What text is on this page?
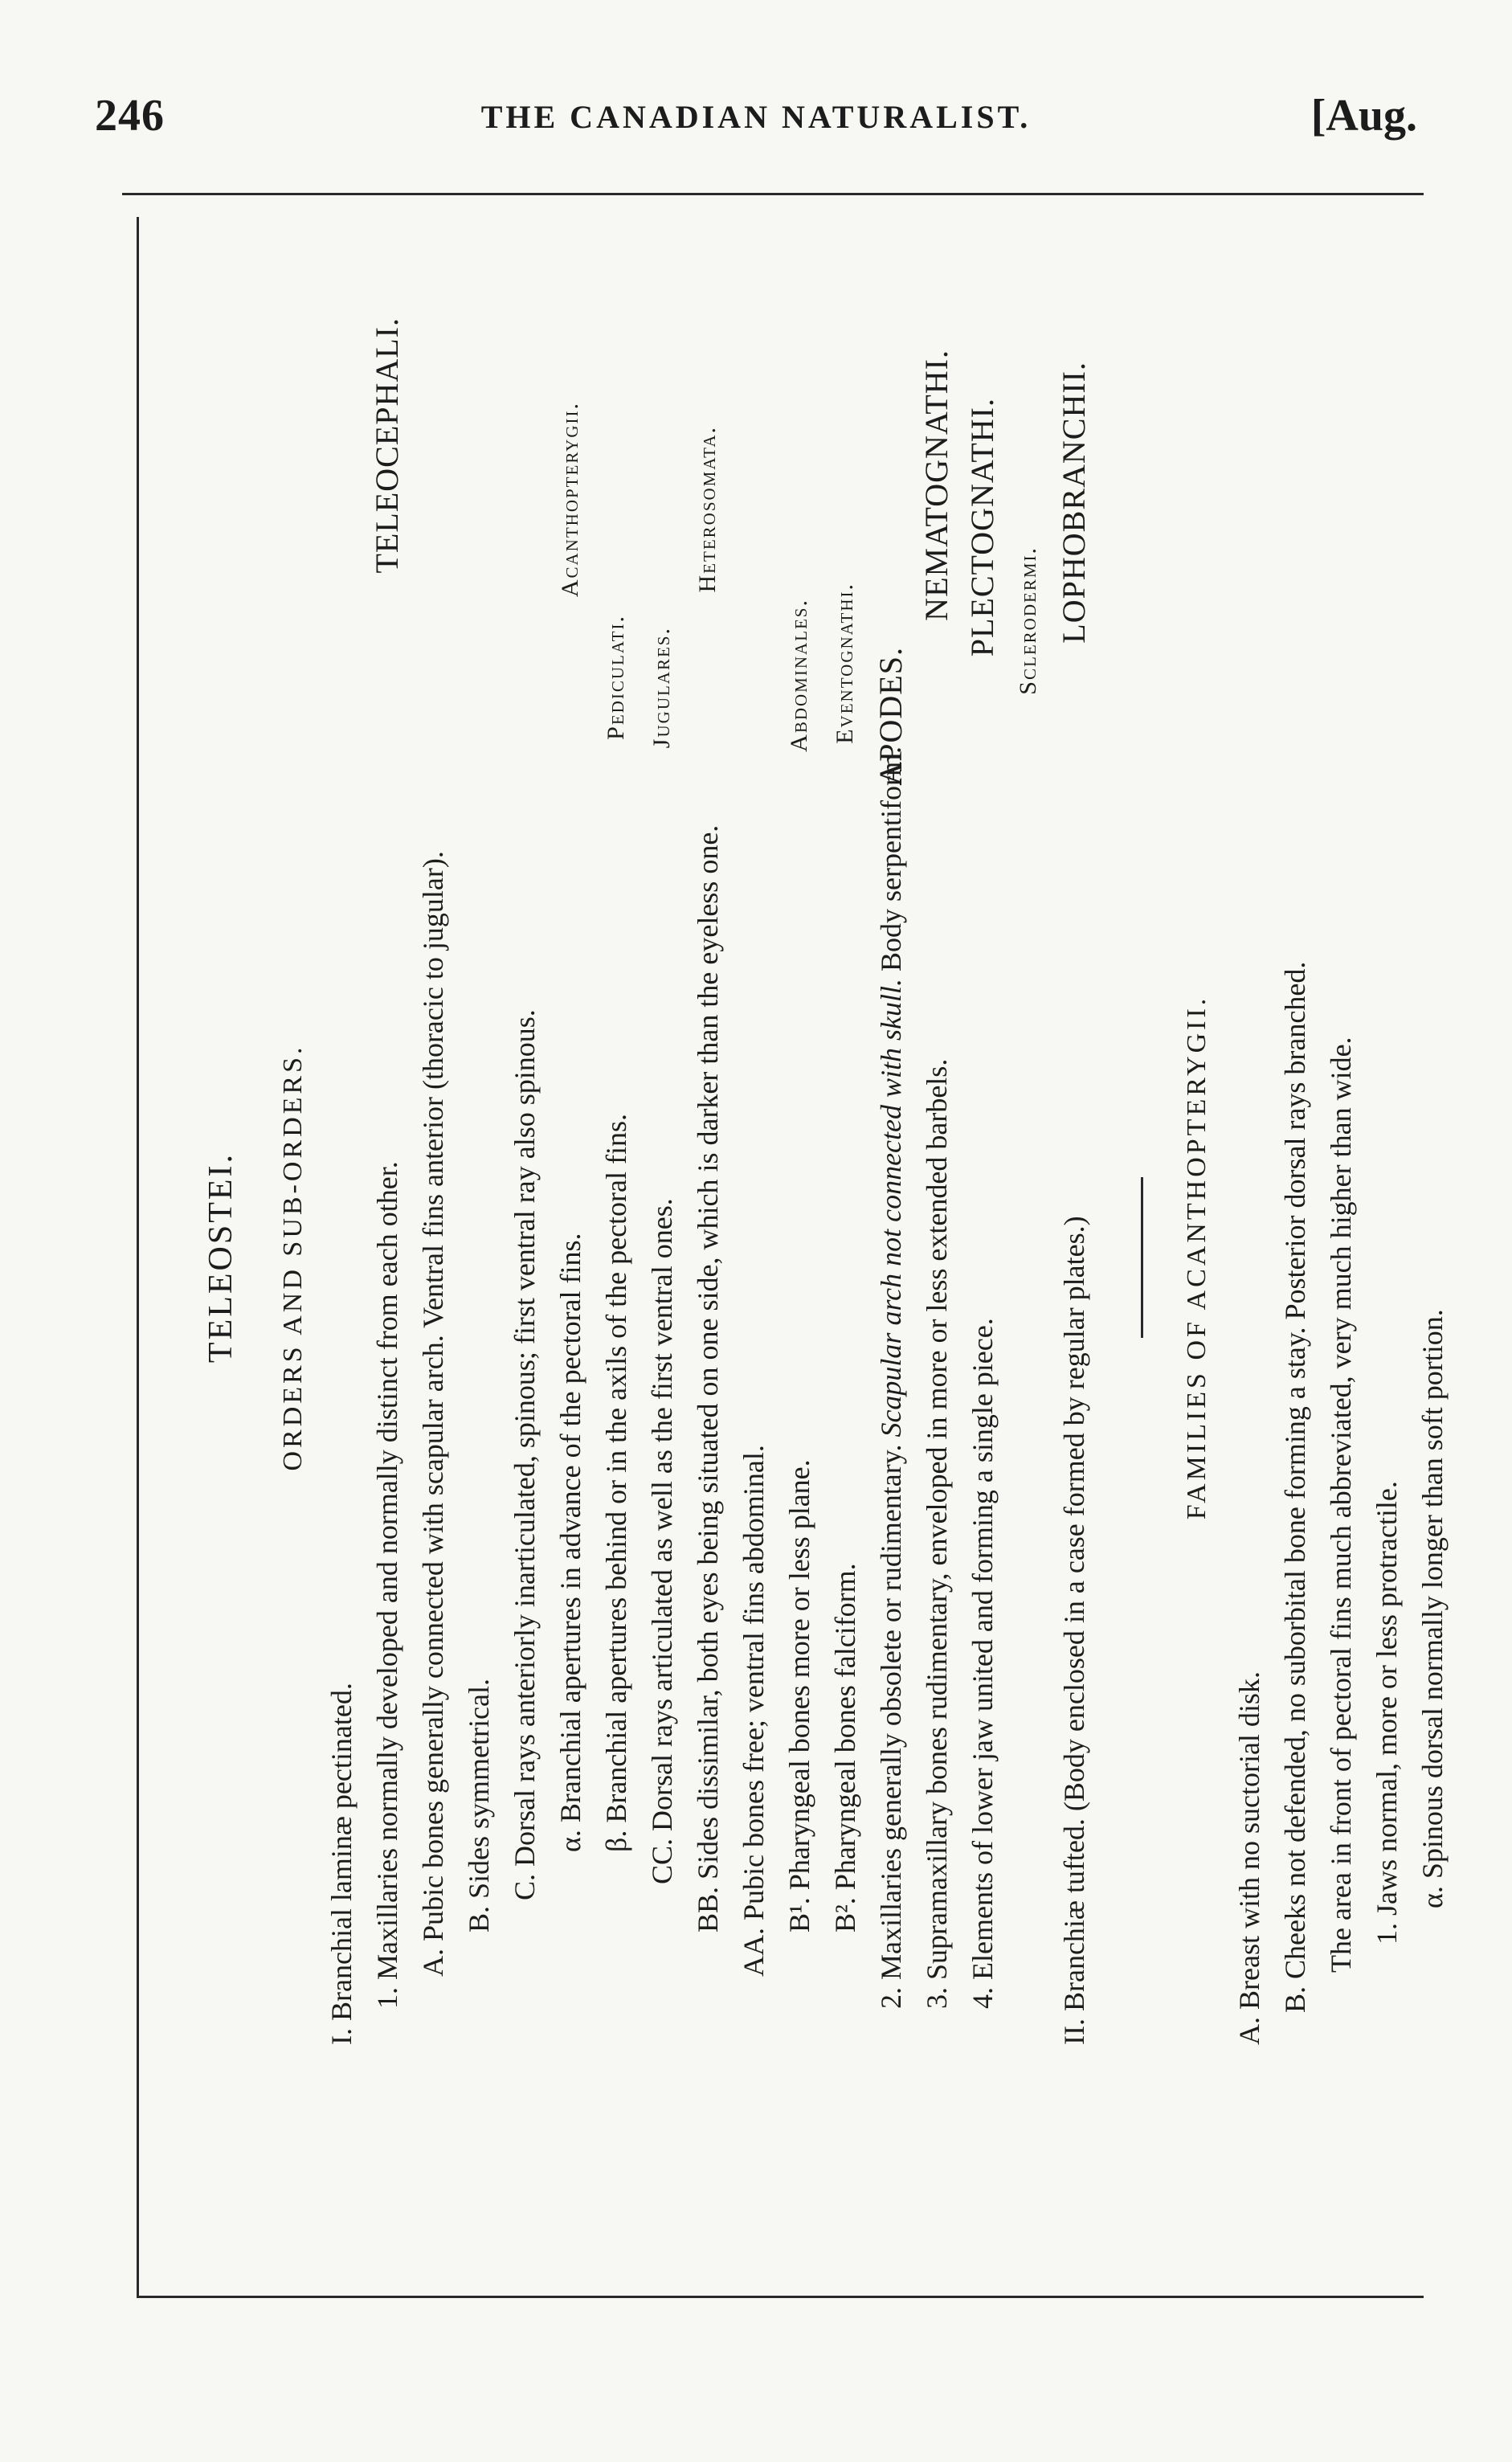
246	THE CANADIAN NATURALIST.	[Aug.
TELEOSTEI.	ORDERS AND SUB-ORDERS.
I. Branchial laminæ pectinated. 1. Maxillaries normally developed and normally distinct from each other.
TELEOCEPHALI.
A. Pubic bones generally connected with scapular arch. Ventral fins anterior (thoracic to jugular). B. Sides symmetrical. C. Dorsal rays anteriorly inarticulated, spinous; first ventral ray also spinous. α. Branchial apertures in advance of the pectoral fins.
Acanthopterygii.
β. Branchial apertures behind or in the axils of the pectoral fins.
Pediculati.
CC. Dorsal rays articulated as well as the first ventral ones.
Jugulares.
BB. Sides dissimilar, both eyes being situated on one side, which is darker than the eyeless one.
Heterosomata.
AA. Pubic bones free; ventral fins abdominal. B¹. Pharyngeal bones more or less plane.
Abdominales.
B². Pharyngeal bones falciform.
Eventognathi.
2. Maxillaries generally obsolete or rudimentary. Scapular arch not connected with skull. Body serpentiform.
APODES.
3. Supramaxillary bones rudimentary, enveloped in more or less extended barbels.
NEMATOGNATHI.
4. Elements of lower jaw united and forming a single piece.
PLECTOGNATHI. Sclerodermi.
II. Branchiæ tufted. (Body enclosed in a case formed by regular plates.)
LOPHOBRANCHII.
FAMILIES OF ACANTHOPTERYGII.
A. Breast with no suctorial disk. B. Cheeks not defended, no suborbital bone forming a stay. Posterior dorsal rays branched. The area in front of pectoral fins much abbreviated, very much higher than wide. 1. Jaws normal, more or less protractile. α. Spinous dorsal normally longer than soft portion.
